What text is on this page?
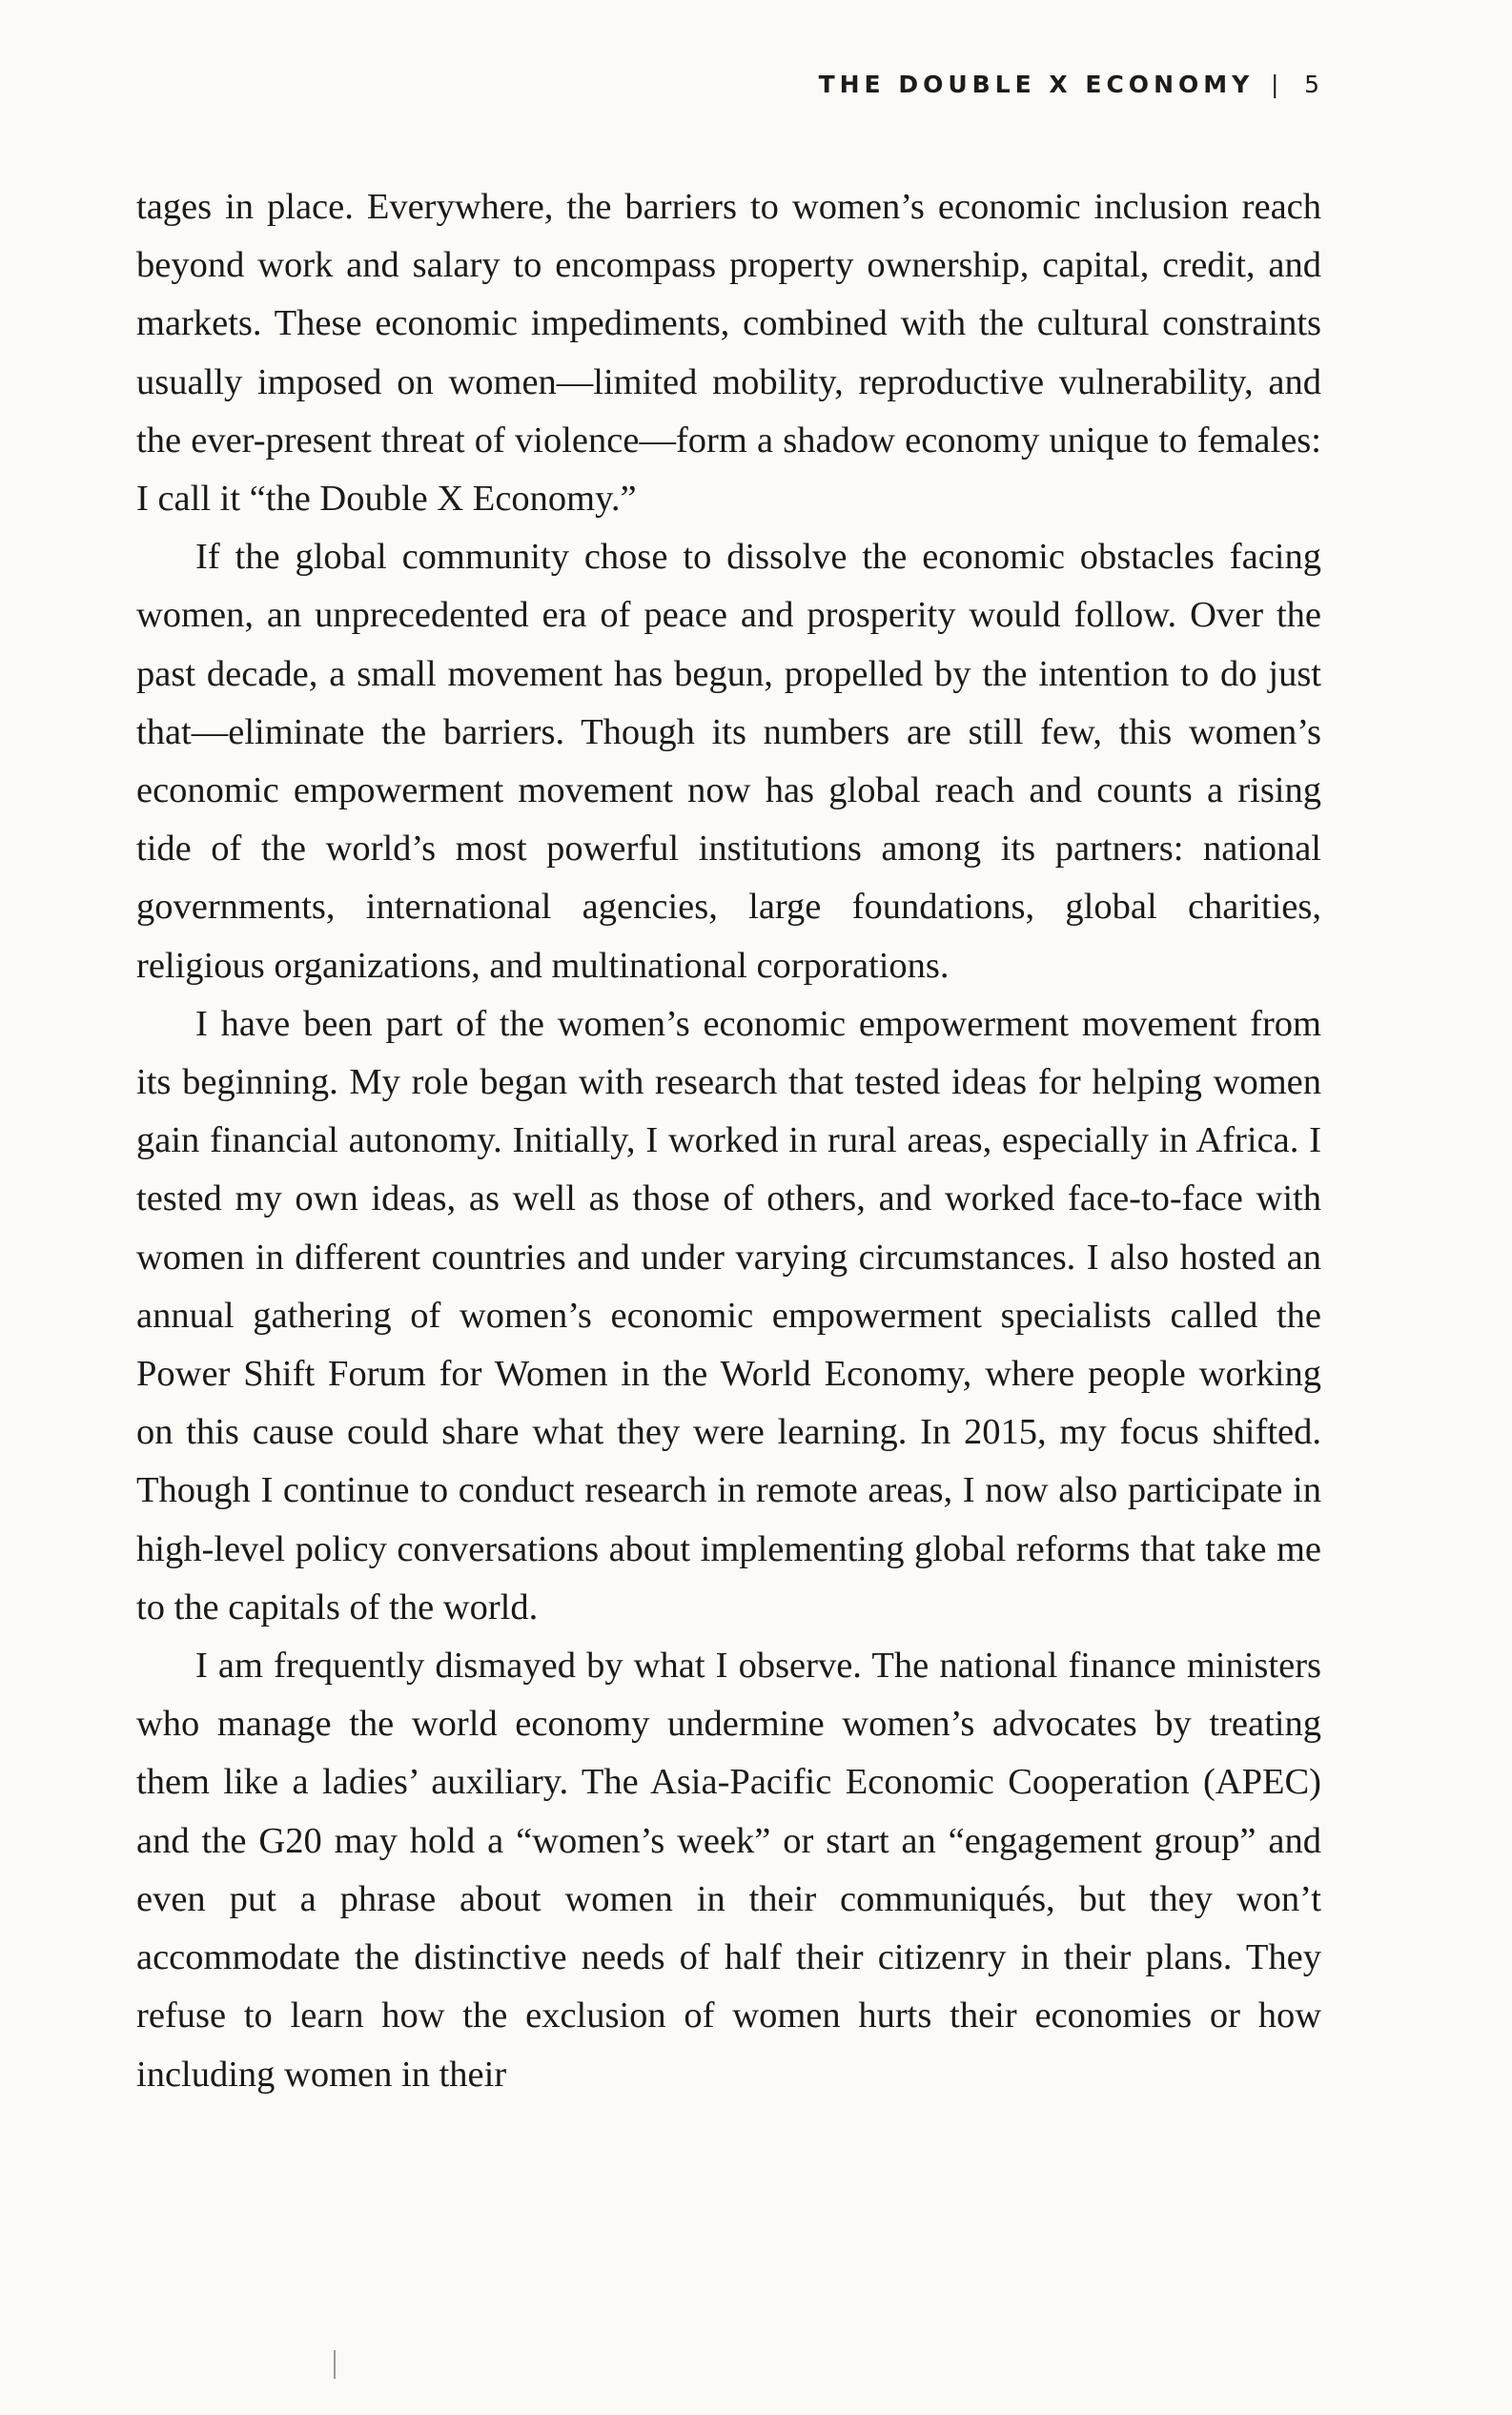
THE DOUBLE X ECONOMY | 5

tages in place. Everywhere, the barriers to women’s economic inclusion reach beyond work and salary to encompass property ownership, capital, credit, and markets. These economic impediments, combined with the cultural constraints usually imposed on women—limited mobility, reproductive vulnerability, and the ever-present threat of violence—form a shadow economy unique to females: I call it “the Double X Economy.”

If the global community chose to dissolve the economic obstacles facing women, an unprecedented era of peace and prosperity would follow. Over the past decade, a small movement has begun, propelled by the intention to do just that—eliminate the barriers. Though its numbers are still few, this women’s economic empowerment movement now has global reach and counts a rising tide of the world’s most powerful institutions among its partners: national governments, international agencies, large foundations, global charities, religious organizations, and multinational corporations.

I have been part of the women’s economic empowerment movement from its beginning. My role began with research that tested ideas for helping women gain financial autonomy. Initially, I worked in rural areas, especially in Africa. I tested my own ideas, as well as those of others, and worked face-to-face with women in different countries and under varying circumstances. I also hosted an annual gathering of women’s economic empowerment specialists called the Power Shift Forum for Women in the World Economy, where people working on this cause could share what they were learning. In 2015, my focus shifted. Though I continue to conduct research in remote areas, I now also participate in high-level policy conversations about implementing global reforms that take me to the capitals of the world.

I am frequently dismayed by what I observe. The national finance ministers who manage the world economy undermine women’s advocates by treating them like a ladies’ auxiliary. The Asia-Pacific Economic Cooperation (APEC) and the G20 may hold a “women’s week” or start an “engagement group” and even put a phrase about women in their communiqués, but they won’t accommodate the distinctive needs of half their citizenry in their plans. They refuse to learn how the exclusion of women hurts their economies or how including women in their
